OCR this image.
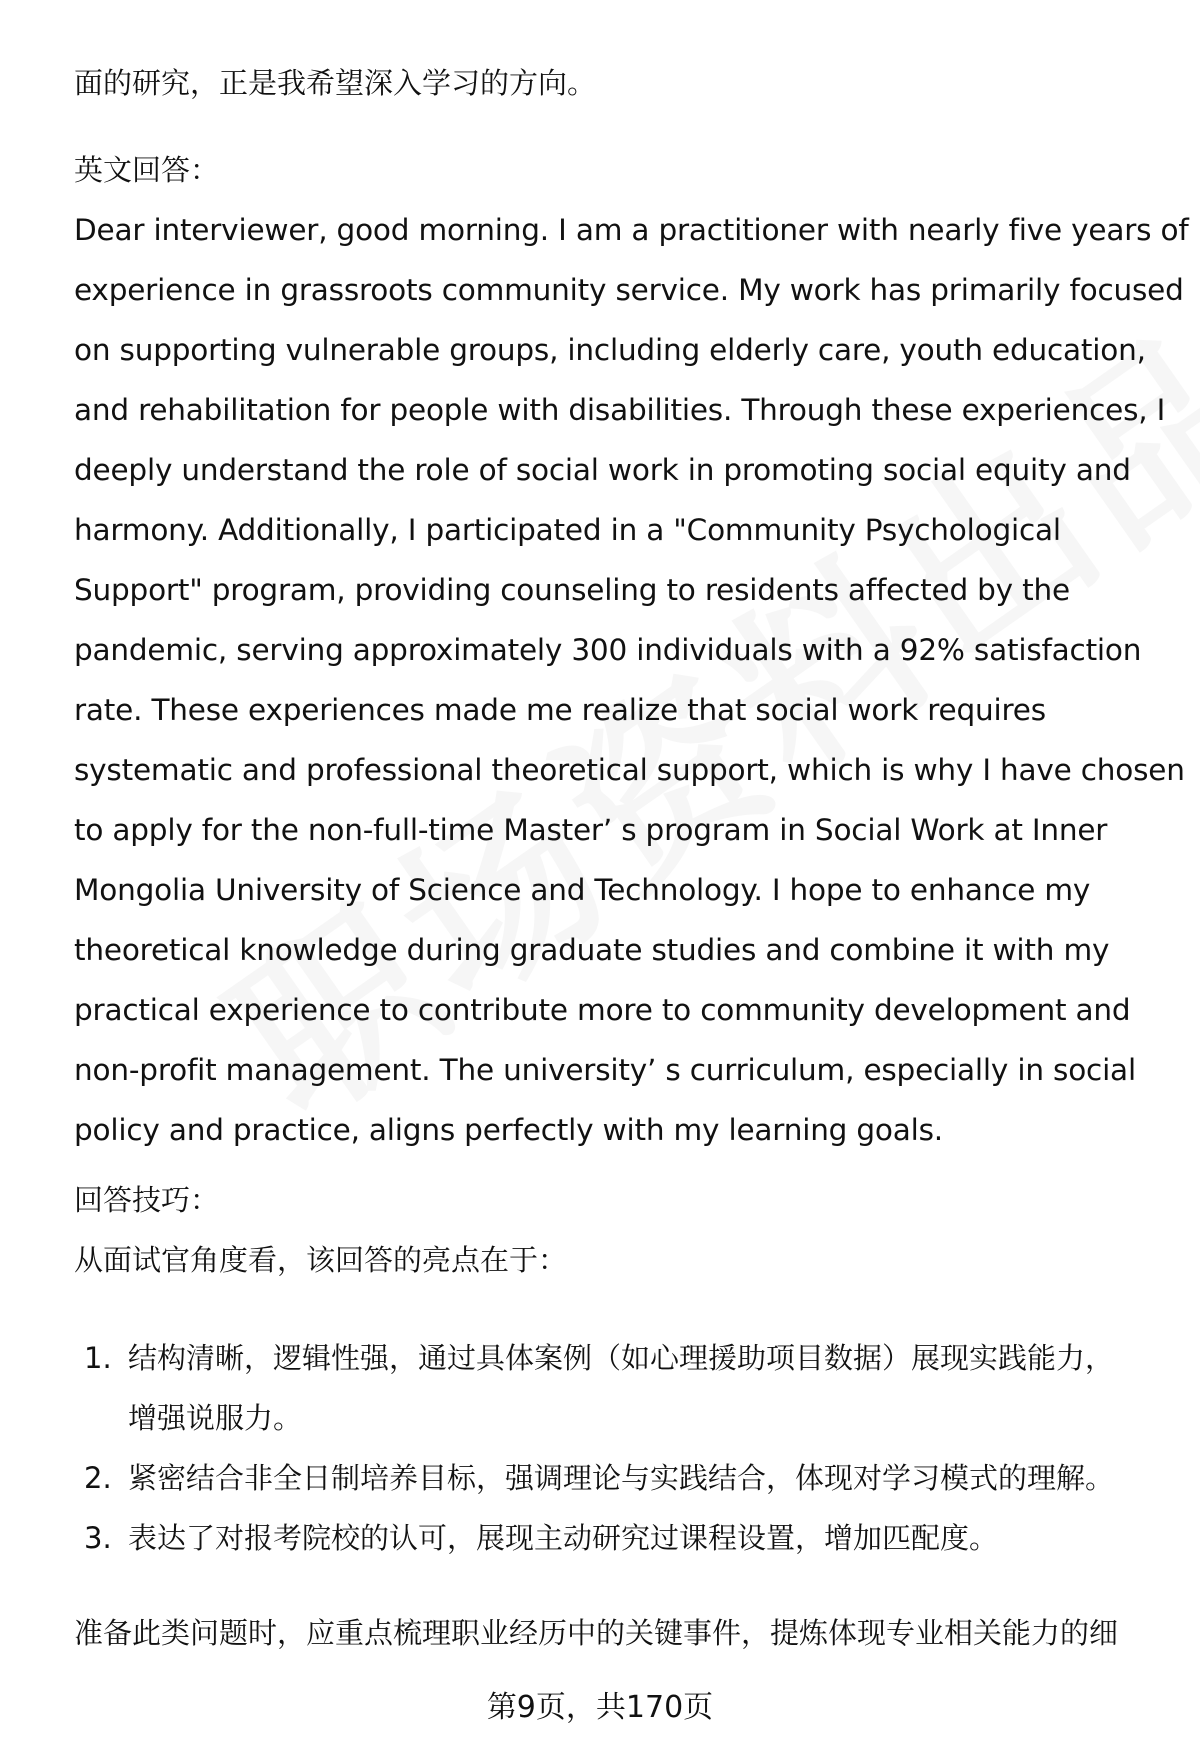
面的研究，正是我希望深入学习的方向。
英文回答：
Dear interviewer, good morning. I am a practitioner with nearly five years of
experience in grassroots community service. My work has primarily focused
on supporting vulnerable groups, including elderly care, youth education,
and rehabilitation for people with disabilities. Through these experiences, I
deeply understand the role of social work in promoting social equity and
harmony. Additionally, I participated in a "Community Psychological
Support" program, providing counseling to residents affected by the
pandemic, serving approximately 300 individuals with a 92% satisfaction
rate. These experiences made me realize that social work requires
systematic and professional theoretical support, which is why I have chosen
to apply for the non-full-time Master’ s program in Social Work at Inner
Mongolia University of Science and Technology. I hope to enhance my
theoretical knowledge during graduate studies and combine it with my
practical experience to contribute more to community development and
non-profit management. The university’ s curriculum, especially in social
policy and practice, aligns perfectly with my learning goals.
回答技巧：
从面试官角度看，该回答的亮点在于：
1. 结构清晰，逻辑性强，通过具体案例（如心理援助项目数据）展现实践能力，
增强说服力。
2. 紧密结合非全日制培养目标，强调理论与实践结合，体现对学习模式的理解。
3. 表达了对报考院校的认可，展现主动研究过课程设置，增加匹配度。
准备此类问题时，应重点梳理职业经历中的关键事件，提炼体现专业相关能力的细
第9页，共170页
